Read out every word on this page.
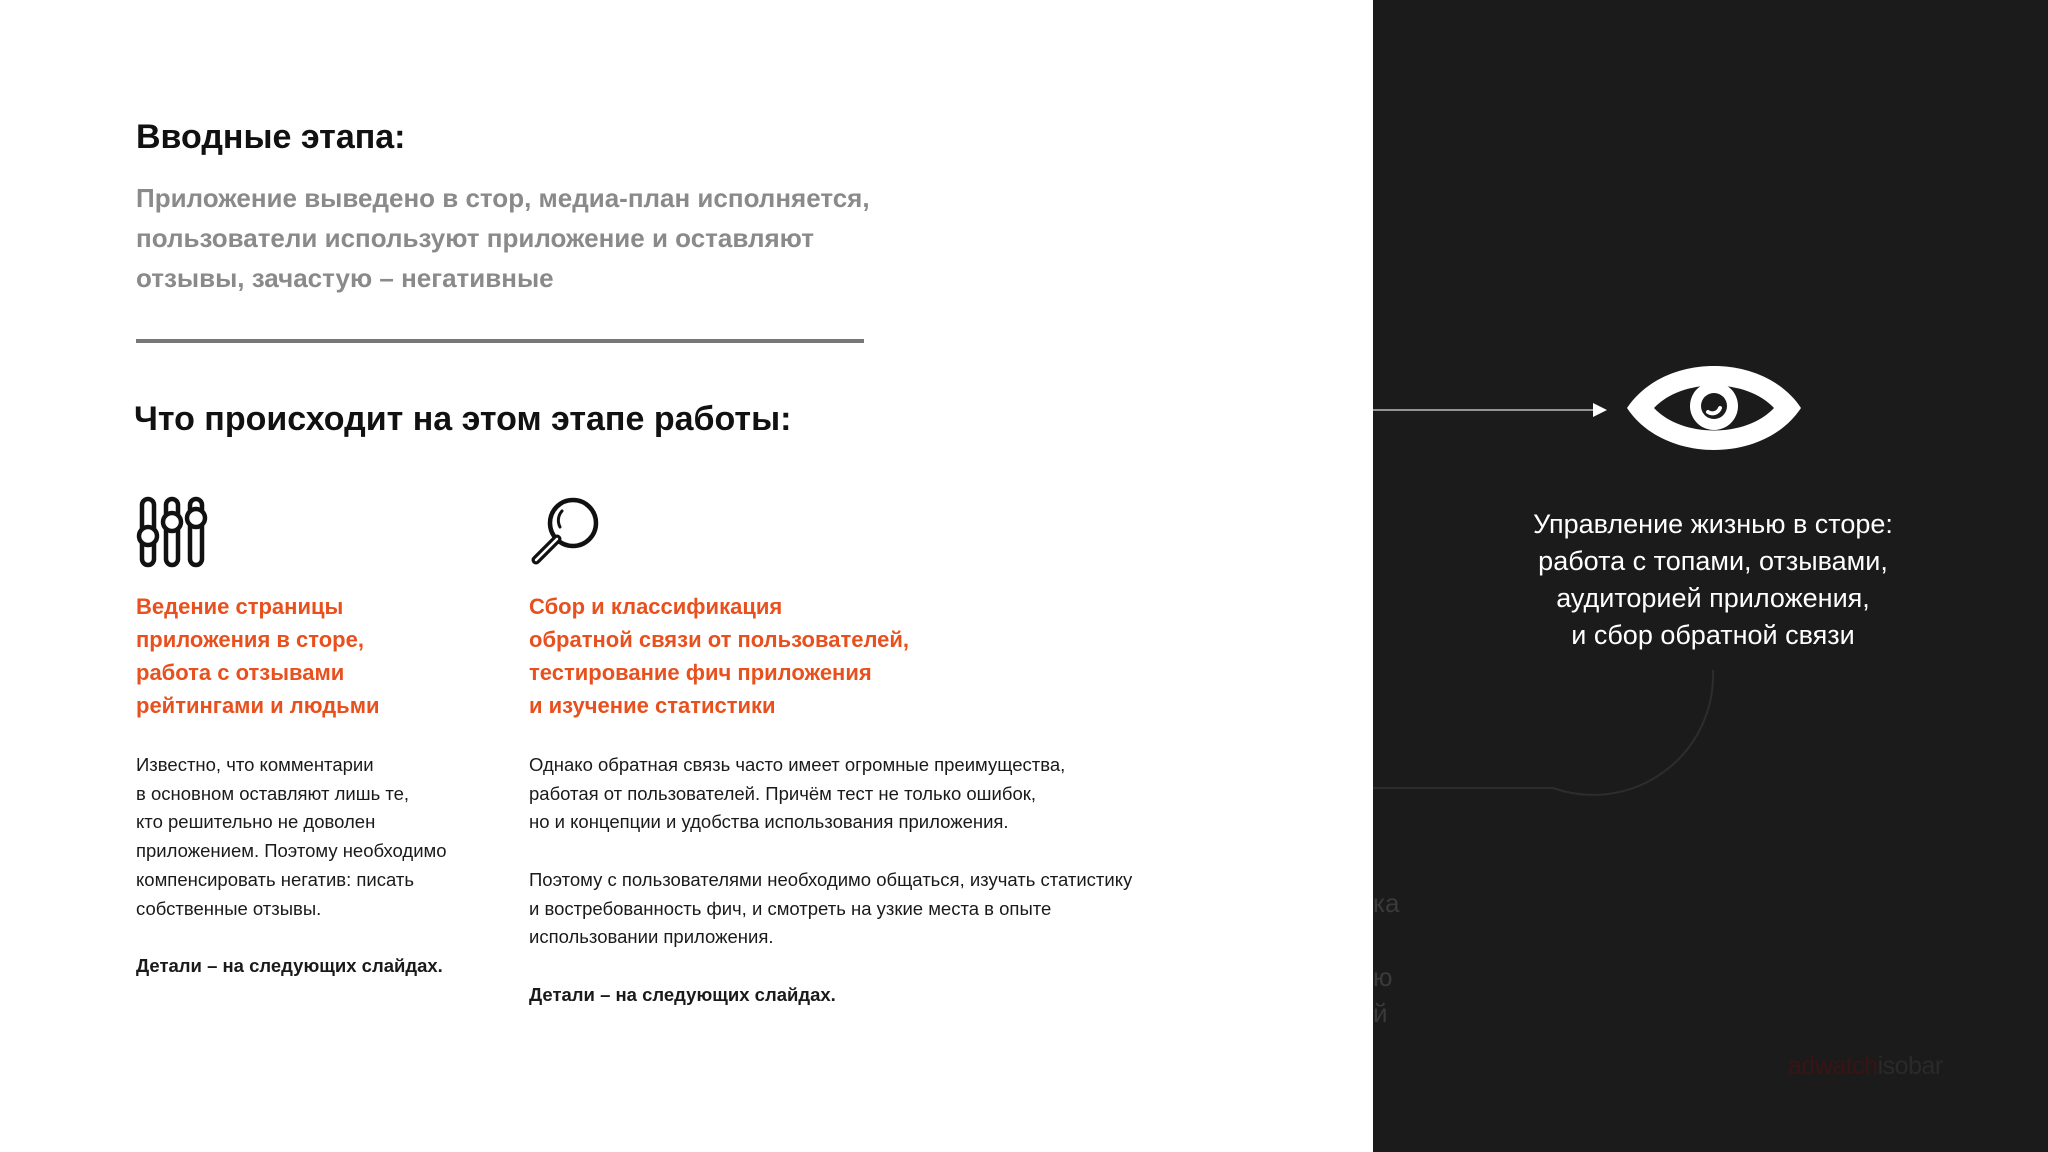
Вводные этапа:
Приложение выведено в стор, медиа-план исполняется,
пользователи используют приложение и оставляют
отзывы, зачастую – негативные
Что происходит на этом этапе работы:
Ведение страницы
приложения в сторе,
работа с отзывами
рейтингами и людьми
Известно, что комментарии
в основном оставляют лишь те,
кто решительно не доволен
приложением. Поэтому необходимо
компенсировать негатив: писать
собственные отзывы.
Детали – на следующих слайдах.
Сбор и классификация
обратной связи от пользователей,
тестирование фич приложения
и изучение статистики
Однако обратная связь часто имеет огромные преимущества,
работая от пользователей. Причём тест не только ошибок,
но и концепции и удобства использования приложения.
Поэтому с пользователями необходимо общаться, изучать статистику
и востребованность фич, и смотреть на узкие места в опыте
использовании приложения.
Детали – на следующих слайдах.
Управление жизнью в сторе:
работа с топами, отзывами,
аудиторией приложения,
и сбор обратной связи
ка
ю
й
adwatchisobar
